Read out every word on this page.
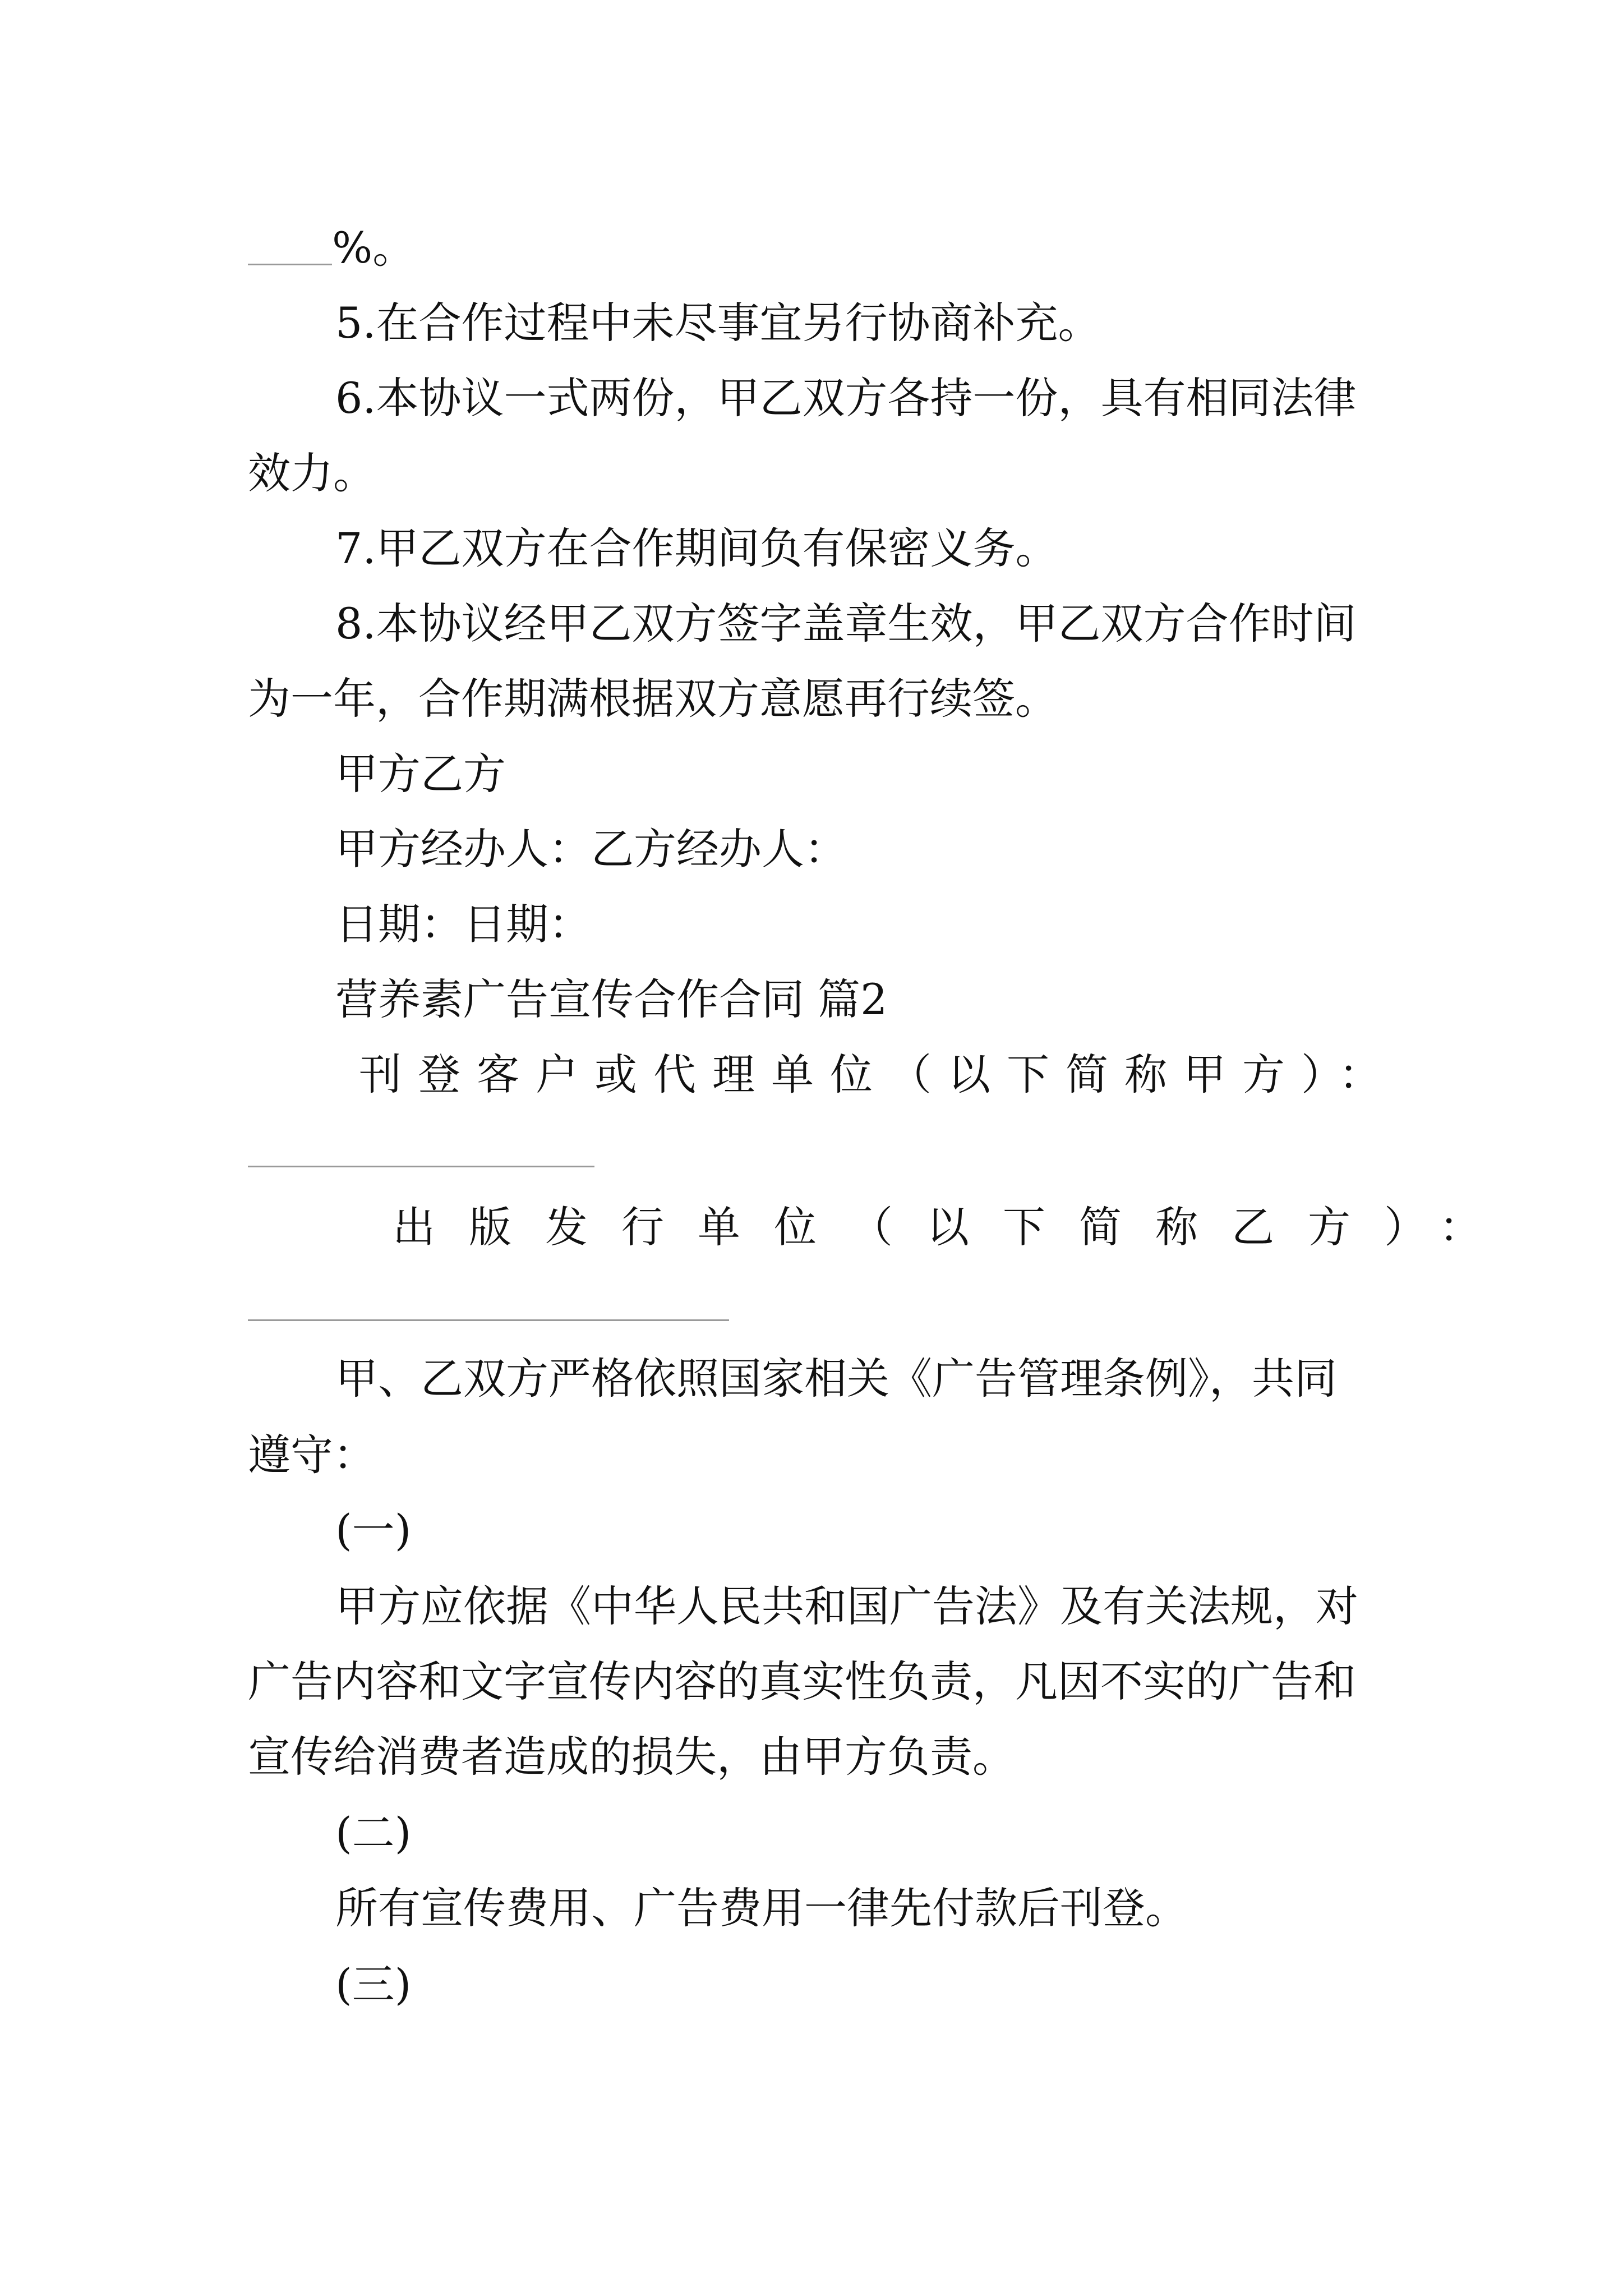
%。
5.在合作过程中未尽事宜另行协商补充。
6.本协议一式两份，甲乙双方各持一份，具有相同法律
效力。
7.甲乙双方在合作期间负有保密义务。
8.本协议经甲乙双方签字盖章生效，甲乙双方合作时间
为一年，合作期满根据双方意愿再行续签。
甲方乙方
甲方经办人：乙方经办人：
日期：日期：
营养素广告宣传合作合同 篇2
刊登客户或代理单位（以下简称甲方）：
出版发行单位（以下简称乙方）：
甲、乙双方严格依照国家相关《广告管理条例》，共同
遵守：
(一)
甲方应依据《中华人民共和国广告法》及有关法规，对
广告内容和文字宣传内容的真实性负责，凡因不实的广告和
宣传给消费者造成的损失，由甲方负责。
(二)
所有宣传费用、广告费用一律先付款后刊登。
(三)
